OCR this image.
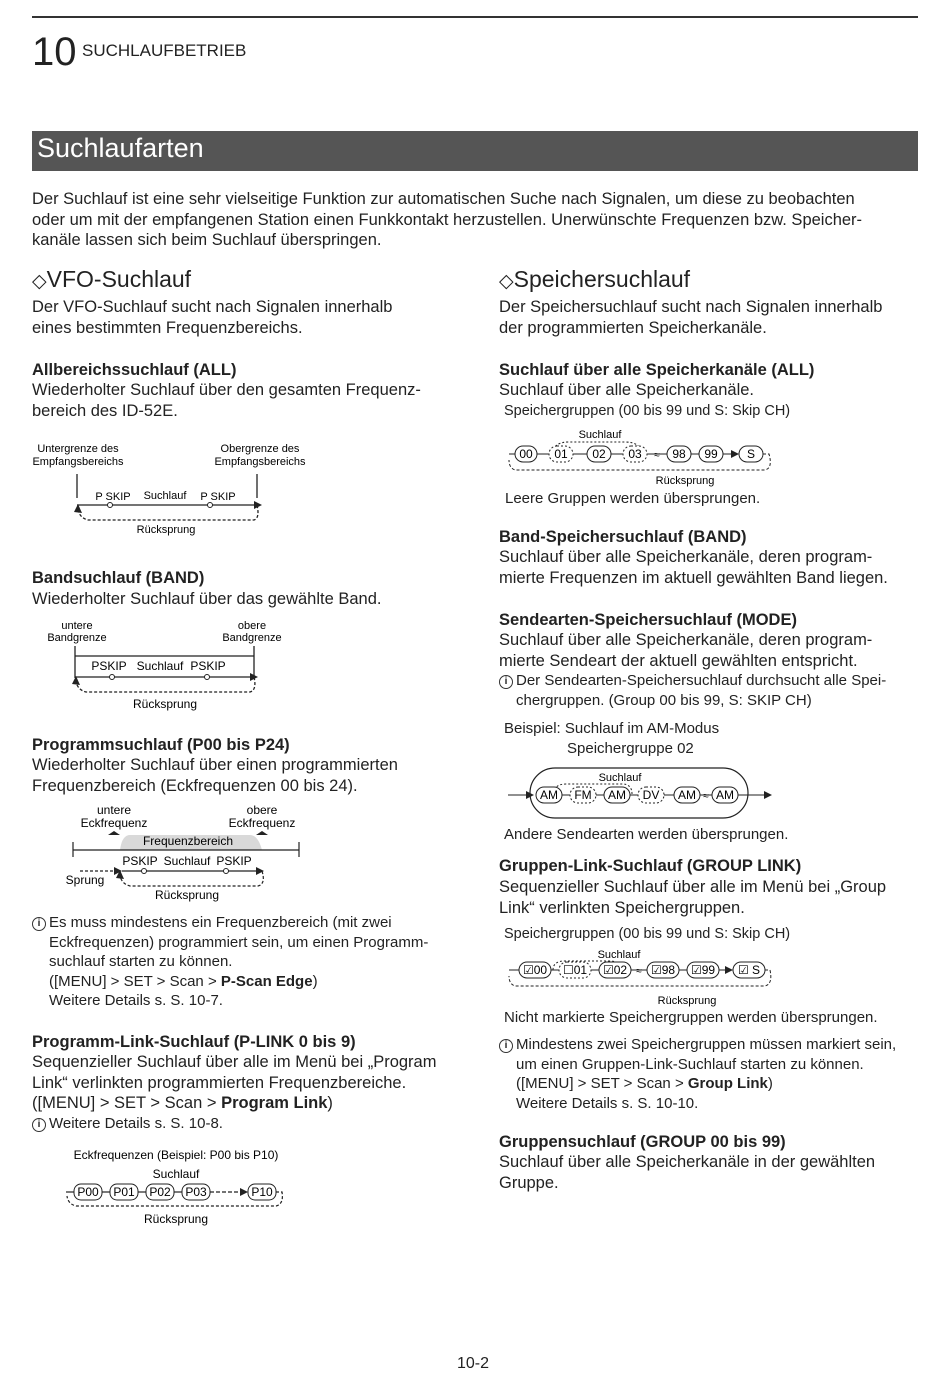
10 SUCHLAUFBETRIEB
Suchlaufarten
Der Suchlauf ist eine sehr vielseitige Funktion zur automatischen Suche nach Signalen, um diese zu beobachten
oder um mit der empfangenen Station einen Funkkontakt herzustellen. Unerwünschte Frequenzen bzw. Speicher-
kanäle lassen sich beim Suchlauf überspringen.
◇VFO-Suchlauf
Der VFO-Suchlauf sucht nach Signalen innerhalb
eines bestimmten Frequenzbereichs.
Allbereichssuchlauf (ALL)
Wiederholter Suchlauf über den gesamten Frequenz-
bereich des ID-52E.
Untergrenze des
Empfangsbereichs
Obergrenze des
Empfangsbereichs
P SKIP Suchlauf P SKIP
Rücksprung
Bandsuchlauf (BAND)
Wiederholter Suchlauf über das gewählte Band.
untere
Bandgrenze
obere
Bandgrenze
PSKIP Suchlauf PSKIP
Rücksprung
Programmsuchlauf (P00 bis P24)
Wiederholter Suchlauf über einen programmierten
Frequenzbereich (Eckfrequenzen 00 bis 24).
untere
Eckfrequenz
obere
Eckfrequenz
Frequenzbereich
PSKIP Suchlauf PSKIP
Sprung
Rücksprung
i Es muss mindestens ein Frequenzbereich (mit zwei
Eckfrequenzen) programmiert sein, um einen Programm-
suchlauf starten zu können.
([MENU] > SET > Scan > P-Scan Edge)
Weitere Details s. S. 10-7.
Programm-Link-Suchlauf (P-LINK 0 bis 9)
Sequenzieller Suchlauf über alle im Menü bei „Program
Link“ verlinkten programmierten Frequenzbereiche.
([MENU] > SET > Scan > Program Link)
i Weitere Details s. S. 10-8.
Eckfrequenzen (Beispiel: P00 bis P10)
Suchlauf
P00 P01 P02 P03	P10
Rücksprung
◇Speichersuchlauf
Der Speichersuchlauf sucht nach Signalen innerhalb
der programmierten Speicherkanäle.
Suchlauf über alle Speicherkanäle (ALL)
Suchlauf über alle Speicherkanäle.
Speichergruppen (00 bis 99 und S: Skip CH)
Suchlauf
00 01 02 03 ≈ 98 99 S
Rücksprung
Leere Gruppen werden übersprungen.
Band-Speichersuchlauf (BAND)
Suchlauf über alle Speicherkanäle, deren program-
mierte Frequenzen im aktuell gewählten Band liegen.
Sendearten-Speichersuchlauf (MODE)
Suchlauf über alle Speicherkanäle, deren program-
mierte Sendeart der aktuell gewählten entspricht.
i Der Sendearten-Speichersuchlauf durchsucht alle Spei-
chergruppen. (Group 00 bis 99, S: SKIP CH)
Beispiel: Suchlauf im AM-Modus
Speichergruppe 02
Suchlauf
AM FM AM DV AM ≈ AM
Andere Sendearten werden übersprungen.
Gruppen-Link-Suchlauf (GROUP LINK)
Sequenzieller Suchlauf über alle im Menü bei „Group
Link“ verlinkten Speichergruppen.
Speichergruppen (00 bis 99 und S: Skip CH)
Suchlauf
☑00 ☐01 ☑02 ≈ ☑98 ☑99 ☑ S
Rücksprung
Nicht markierte Speichergruppen werden übersprungen.
i Mindestens zwei Speichergruppen müssen markiert sein,
um einen Gruppen-Link-Suchlauf starten zu können.
([MENU] > SET > Scan > Group Link)
Weitere Details s. S. 10-10.
Gruppensuchlauf (GROUP 00 bis 99)
Suchlauf über alle Speicherkanäle in der gewählten
Gruppe.
10-2
